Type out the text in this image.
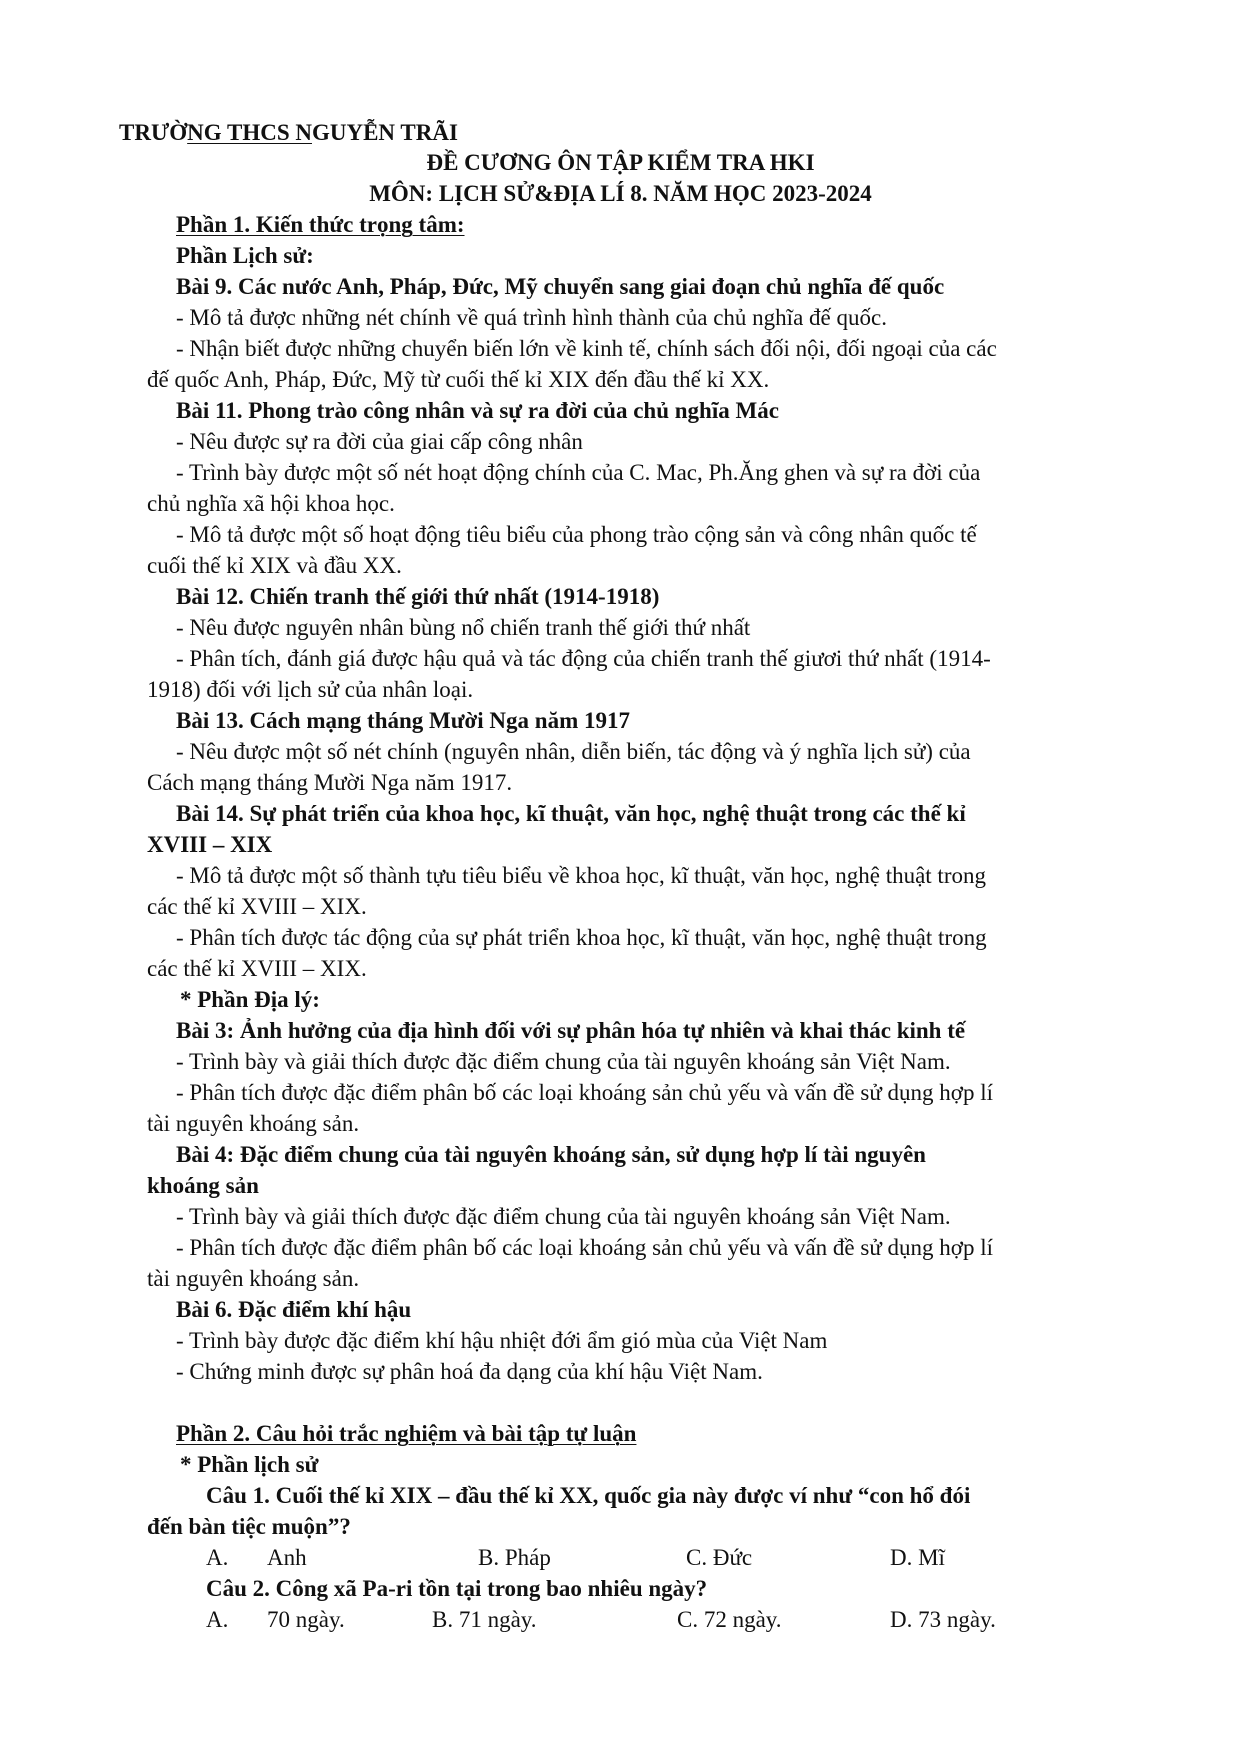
TRƯỜNG THCS NGUYỄN TRÃI
ĐỀ CƯƠNG ÔN TẬP KIỂM TRA HKI
MÔN: LỊCH SỬ&ĐỊA LÍ 8. NĂM HỌC 2023-2024
Phần 1. Kiến thức trọng tâm:
Phần Lịch sử:
Bài 9. Các nước Anh, Pháp, Đức, Mỹ chuyển sang giai đoạn chủ nghĩa đế quốc
- Mô tả được những nét chính về quá trình hình thành của chủ nghĩa đế quốc.
- Nhận biết được những chuyển biến lớn về kinh tế, chính sách đối nội, đối ngoại của các
đế quốc Anh, Pháp, Đức, Mỹ từ cuối thế kỉ XIX đến đầu thế kỉ XX.
Bài 11. Phong trào công nhân và sự ra đời của chủ nghĩa Mác
- Nêu được sự ra đời của giai cấp công nhân
- Trình bày được một số nét hoạt động chính của C. Mac, Ph.Ăng ghen và sự ra đời của
chủ nghĩa xã hội khoa học.
- Mô tả được một số hoạt động tiêu biểu của phong trào cộng sản và công nhân quốc tế
cuối thế kỉ XIX và đầu XX.
Bài 12. Chiến tranh thế giới thứ nhất (1914-1918)
- Nêu được nguyên nhân bùng nổ chiến tranh thế giới thứ nhất
- Phân tích, đánh giá được hậu quả và tác động của chiến tranh thế giươi thứ nhất (1914-
1918) đối với lịch sử của nhân loại.
Bài 13. Cách mạng tháng Mười Nga năm 1917
- Nêu được một số nét chính (nguyên nhân, diễn biến, tác động và ý nghĩa lịch sử) của
Cách mạng tháng Mười Nga năm 1917.
Bài 14. Sự phát triển của khoa học, kĩ thuật, văn học, nghệ thuật trong các thế kỉ
XVIII – XIX
- Mô tả được một số thành tựu tiêu biểu về khoa học, kĩ thuật, văn học, nghệ thuật trong
các thế kỉ XVIII – XIX.
- Phân tích được tác động của sự phát triển khoa học, kĩ thuật, văn học, nghệ thuật trong
các thế kỉ XVIII – XIX.
* Phần Địa lý:
Bài 3: Ảnh hưởng của địa hình đối với sự phân hóa tự nhiên và khai thác kinh tế
- Trình bày và giải thích được đặc điểm chung của tài nguyên khoáng sản Việt Nam.
- Phân tích được đặc điểm phân bố các loại khoáng sản chủ yếu và vấn đề sử dụng hợp lí
tài nguyên khoáng sản.
Bài 4: Đặc điểm chung của tài nguyên khoáng sản, sử dụng hợp lí tài nguyên
khoáng sản
- Trình bày và giải thích được đặc điểm chung của tài nguyên khoáng sản Việt Nam.
- Phân tích được đặc điểm phân bố các loại khoáng sản chủ yếu và vấn đề sử dụng hợp lí
tài nguyên khoáng sản.
Bài 6. Đặc điểm khí hậu
- Trình bày được đặc điểm khí hậu nhiệt đới ẩm gió mùa của Việt Nam
- Chứng minh được sự phân hoá đa dạng của khí hậu Việt Nam.
Phần 2. Câu hỏi trắc nghiệm và bài tập tự luận
* Phần lịch sử
Câu 1. Cuối thế kỉ XIX – đầu thế kỉ XX, quốc gia này được ví như “con hổ đói
đến bàn tiệc muộn”?
A. Anh	B. Pháp	C. Đức	D. Mĩ
Câu 2. Công xã Pa-ri tồn tại trong bao nhiêu ngày?
A. 70 ngày.	B. 71 ngày.	C. 72 ngày.	D. 73 ngày.
